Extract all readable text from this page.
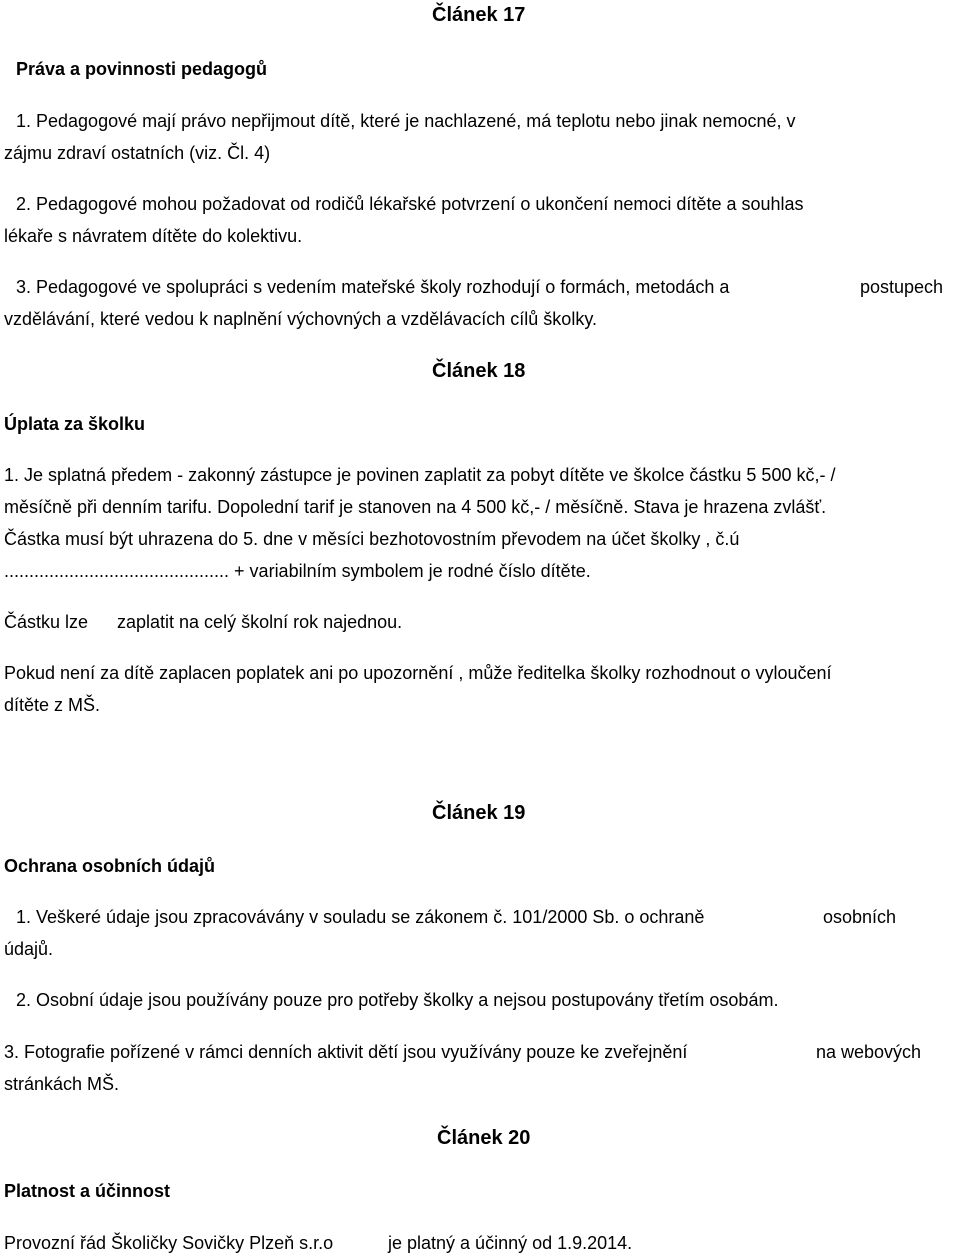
Článek 17
Práva a povinnosti pedagogů
1. Pedagogové mají právo nepřijmout dítě, které je nachlazené, má teplotu nebo jinak nemocné, v
zájmu zdraví ostatních (viz. Čl. 4)
2. Pedagogové mohou požadovat od rodičů lékařské potvrzení o ukončení nemoci dítěte a souhlas
lékaře s návratem dítěte do kolektivu.
3. Pedagogové ve spolupráci s vedením mateřské školy rozhodují o formách, metodách a	postupech
vzdělávání, které vedou k naplnění výchovných a vzdělávacích cílů školky.
Článek 18
Úplata za školku
1. Je splatná předem - zakonný zástupce je povinen zaplatit za pobyt dítěte ve školce částku 5 500 kč,- /
měsíčně při denním tarifu. Dopolední tarif je stanoven na 4 500 kč,- / měsíčně. Stava je hrazena zvlášť.
Částka musí být uhrazena do 5. dne v měsíci bezhotovostním převodem na účet školky , č.ú
............................................. + variabilním symbolem je rodné číslo dítěte.
Částku lze zaplatit na celý školní rok najednou.
Pokud není za dítě zaplacen poplatek ani po upozornění , může ředitelka školky rozhodnout o vyloučení
dítěte z MŠ.
Článek 19
Ochrana osobních údajů
1. Veškeré údaje jsou zpracovávány v souladu se zákonem č. 101/2000 Sb. o ochraně	osobních
údajů.
2. Osobní údaje jsou používány pouze pro potřeby školky a nejsou postupovány třetím osobám.
3. Fotografie pořízené v rámci denních aktivit dětí jsou využívány pouze ke zveřejnění	na webových
stránkách MŠ.
Článek 20
Platnost a účinnost
Provozní řád Školičky Sovičky Plzeň s.r.o	je platný a účinný od 1.9.2014.
